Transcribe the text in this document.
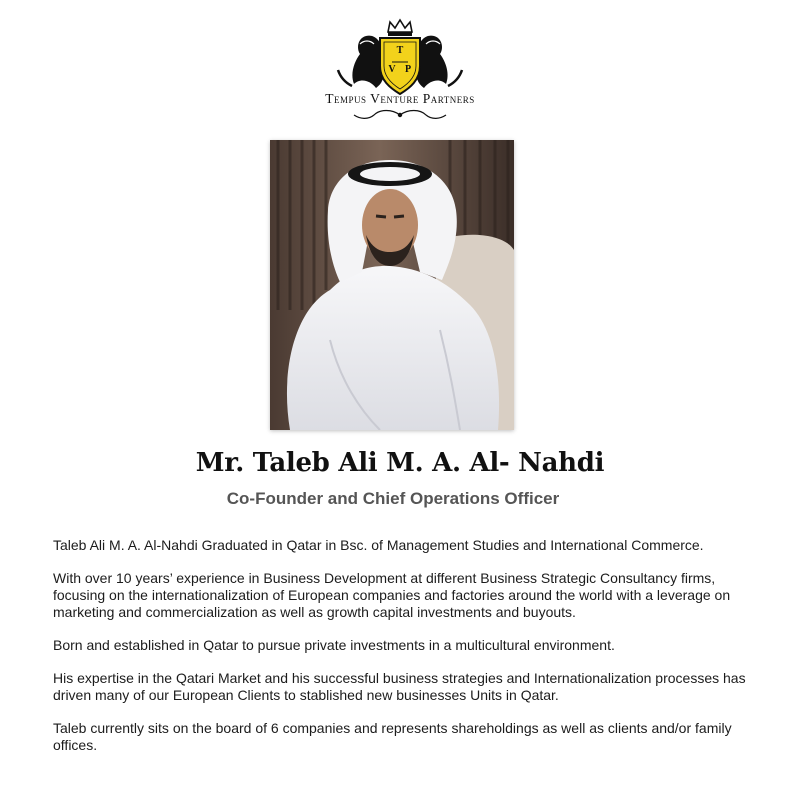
T
V P
Tempus Venture Partners
Mr. Taleb Ali M. A. Al- Nahdi
Co-Founder and Chief Operations Officer

Taleb Ali M. A. Al-Nahdi Graduated in Qatar in Bsc. of Management Studies and International Commerce.

With over 10 years’ experience in Business Development at different Business Strategic Consultancy firms, focusing on the internationalization of European companies and factories around the world with a leverage on marketing and commercialization as well as growth capital investments and buyouts.

Born and established in Qatar to pursue private investments in a multicultural environment.

His expertise in the Qatari Market and his successful business strategies and Internationalization processes has driven many of our European Clients to stablished new businesses Units in Qatar.

Taleb currently sits on the board of 6 companies and represents shareholdings as well as clients and/or family offices.
